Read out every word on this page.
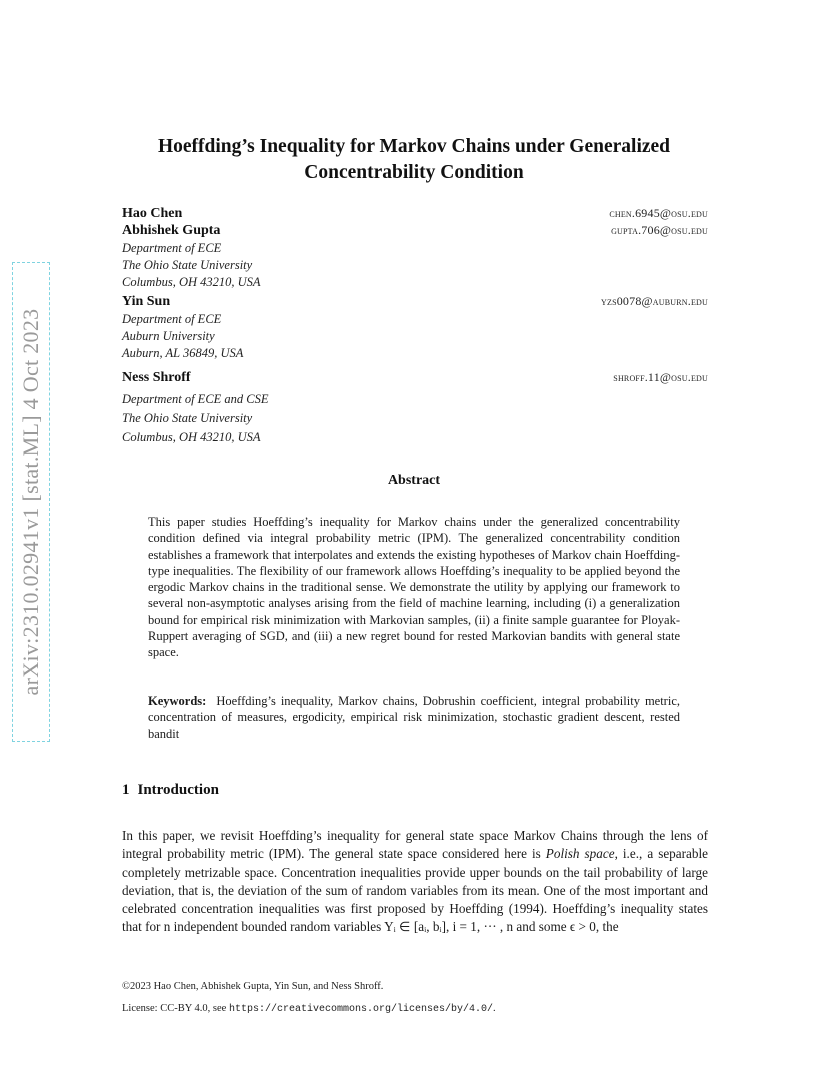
arXiv:2310.02941v1 [stat.ML] 4 Oct 2023
Hoeffding’s Inequality for Markov Chains under Generalized
Concentrability Condition
Hao Chen	chen.6945@osu.edu
Abhishek Gupta	gupta.706@osu.edu
Department of ECE
The Ohio State University
Columbus, OH 43210, USA
Yin Sun	yzs0078@auburn.edu
Department of ECE
Auburn University
Auburn, AL 36849, USA
Ness Shroff	shroff.11@osu.edu
Department of ECE and CSE
The Ohio State University
Columbus, OH 43210, USA
Abstract

This paper studies Hoeffding’s inequality for Markov chains under the generalized concentrability condition defined via integral probability metric (IPM). The generalized concentrability condition establishes a framework that interpolates and extends the existing hypotheses of Markov chain Hoeffding-type inequalities. The flexibility of our framework allows Hoeffding’s inequality to be applied beyond the ergodic Markov chains in the traditional sense. We demonstrate the utility by applying our framework to several non-asymptotic analyses arising from the field of machine learning, including (i) a generalization bound for empirical risk minimization with Markovian samples, (ii) a finite sample guarantee for Ployak-Ruppert averaging of SGD, and (iii) a new regret bound for rested Markovian bandits with general state space.

Keywords: Hoeffding’s inequality, Markov chains, Dobrushin coefficient, integral probability metric, concentration of measures, ergodicity, empirical risk minimization, stochastic gradient descent, rested bandit

1 Introduction

In this paper, we revisit Hoeffding’s inequality for general state space Markov Chains through the lens of integral probability metric (IPM). The general state space considered here is Polish space, i.e., a separable completely metrizable space. Concentration inequalities provide upper bounds on the tail probability of large deviation, that is, the deviation of the sum of random variables from its mean. One of the most important and celebrated concentration inequalities was first proposed by Hoeffding (1994). Hoeffding’s inequality states that for n independent bounded random variables Yᵢ ∈ [aᵢ, bᵢ], i = 1, ··· , n and some ϵ > 0, the

©2023 Hao Chen, Abhishek Gupta, Yin Sun, and Ness Shroff.
License: CC-BY 4.0, see https://creativecommons.org/licenses/by/4.0/.
